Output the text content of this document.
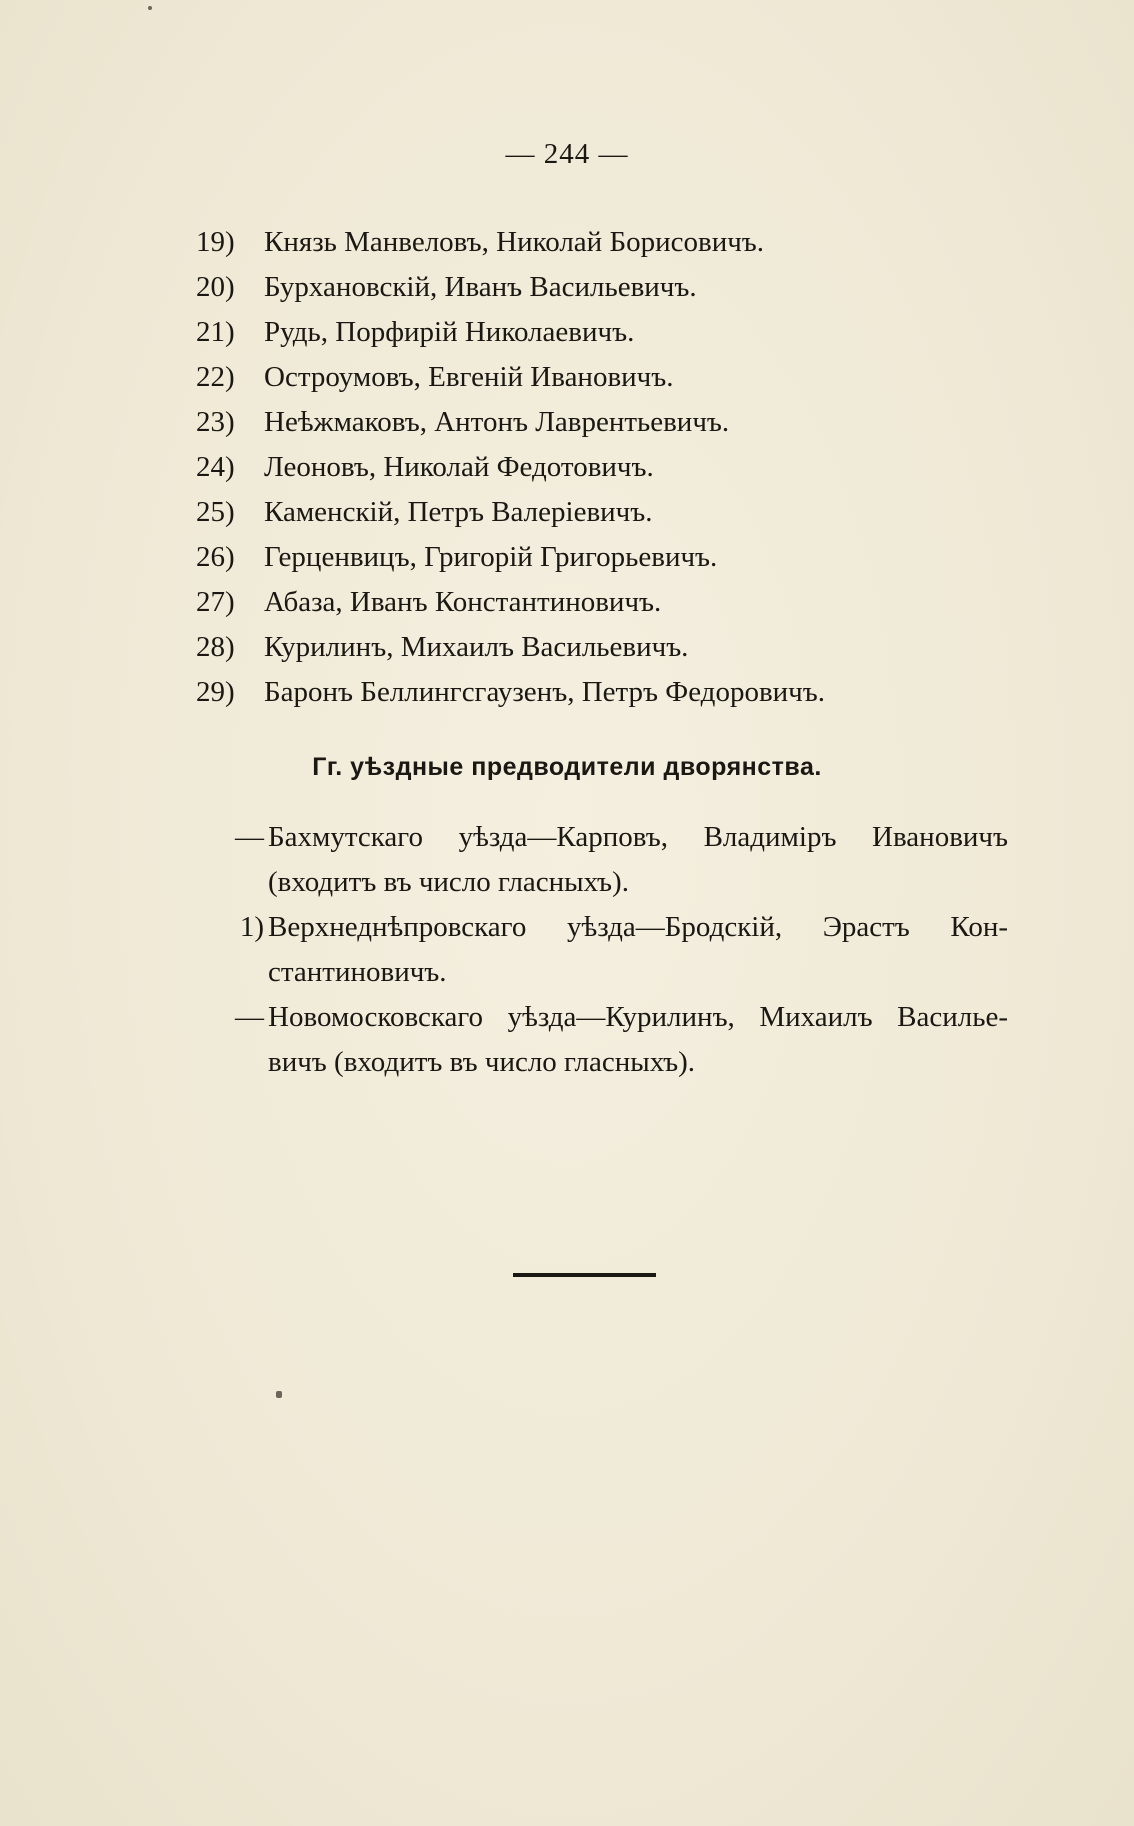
— 244 —
19) Князь Манвеловъ, Николай Борисовичъ.
20) Бурхановскій, Иванъ Васильевичъ.
21) Рудь, Порфирій Николаевичъ.
22) Остроумовъ, Евгеній Ивановичъ.
23) Неѣжмаковъ, Антонъ Лаврентьевичъ.
24) Леоновъ, Николай Федотовичъ.
25) Каменскій, Петръ Валеріевичъ.
26) Герценвицъ, Григорій Григорьевичъ.
27) Абаза, Иванъ Константиновичъ.
28) Курилинъ, Михаилъ Васильевичъ.
29) Баронъ Беллингсгаузенъ, Петръ Федоровичъ.
Гг. уѣздные предводители дворянства.
— Бахмутскаго уѣзда—Карповъ, Владиміръ Ивановичъ
(входитъ въ число гласныхъ).
1) Верхнеднѣпровскаго уѣзда—Бродскій, Эрастъ Кон-
стантиновичъ.
— Новомосковскаго уѣзда—Курилинъ, Михаилъ Василье-
вичъ (входитъ въ число гласныхъ).
